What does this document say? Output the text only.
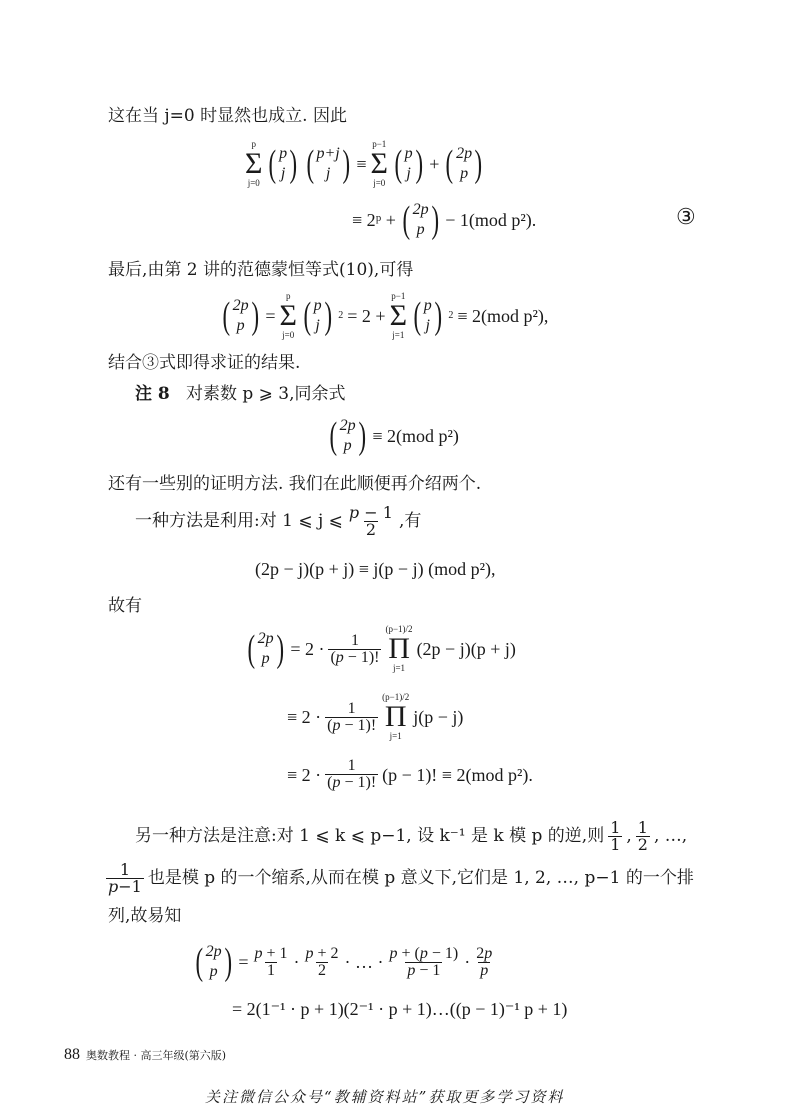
这在当 j=0 时显然也成立. 因此
p
Σ
j=0 ( p
j ) ( p+j
j ) ≡
p−1
Σ
j=0 ( p
j ) + ( 2p
p )
≡ 2ᵖ + ( 2p
p ) − 1(mod p²).	③
最后,由第 2 讲的范德蒙恒等式(10),可得
( 2p
p ) =
p
Σ
j=0 ( p
j ) 2 = 2 +
p−1
Σ
j=1 ( p
j ) 2 ≡ 2(mod p²),
结合③式即得求证的结果.
注 8 对素数 p ⩾ 3,同余式
( 2p
p ) ≡ 2(mod p²)
还有一些别的证明方法. 我们在此顺便再介绍两个.
一种方法是利用:对 1 ⩽ j ⩽ $\frac{p - 1}{2}$ ,有
(2p − j)(p + j) ≡ j(p − j) (mod p²),
故有
( 2p
p ) = $2 \cdot \frac{1}{(p - 1)!}$
(p−1)/2
Π
j=1
(2p − j)(p + j)
≡ $2 \cdot \frac{1}{(p - 1)!}$
(p−1)/2
Π
j=1
j(p − j)
≡ $2 \cdot \frac{1}{(p - 1)!} (p - 1)$! ≡ 2(mod p²).
另一种方法是注意:对 1 ⩽ k ⩽ p−1, 设 k⁻¹ 是 k 模 p 的逆,则 $\frac{1}{1}$ , $\frac{1}{2}$ , …,
$\frac{1}{p-1}$ 也是模 p 的一个缩系,从而在模 p 意义下,它们是 1, 2, …, p−1 的一个排
列,故易知
( 2p
p ) = $\frac{p + 1}{1} \cdot \frac{p + 2}{2}$ · … · $\frac{p + (p - 1)}{p - 1} \cdot \frac{2p}{p}$
= 2(1⁻¹ · p + 1)(2⁻¹ · p + 1)…((p − 1)⁻¹ p + 1)
88 奥数教程 · 高三年级(第六版)
关注微信公众号“教辅资料站”获取更多学习资料
